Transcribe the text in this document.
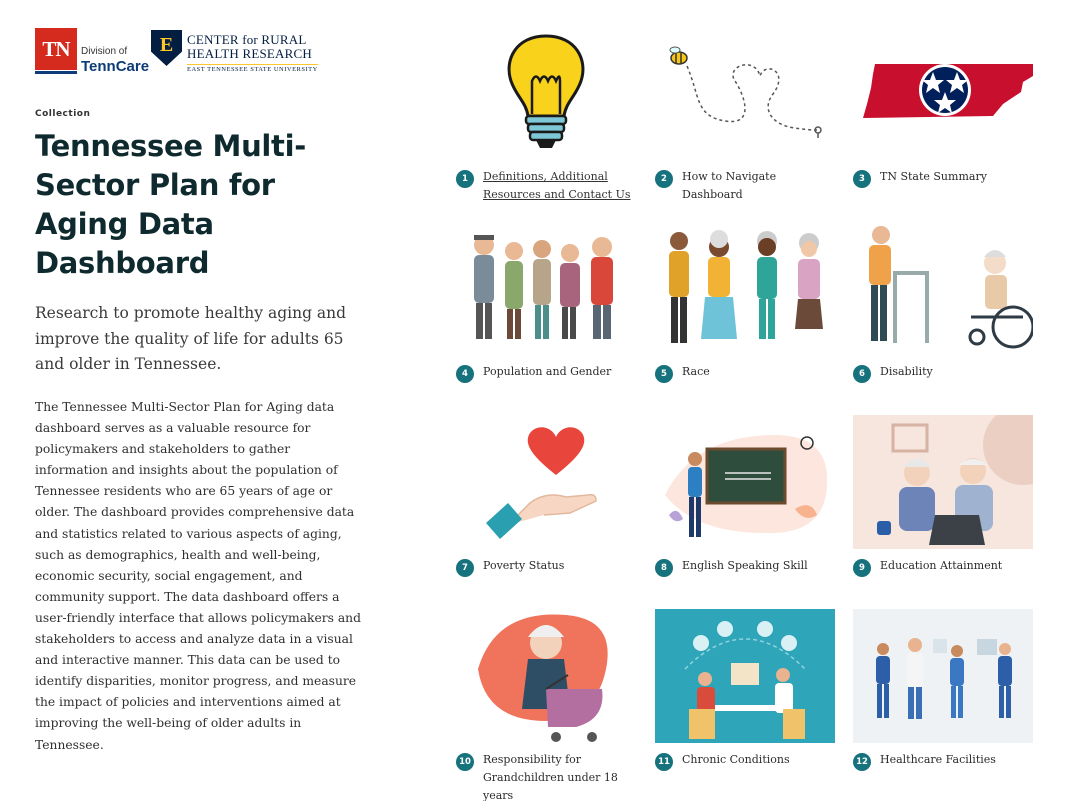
TN Division of
TennCare
E
CENTER for RURAL
HEALTH RESEARCH
EAST TENNESSEE STATE UNIVERSITY
Collection
Tennessee Multi-Sector Plan for Aging Data Dashboard

Research to promote healthy aging and improve the quality of life for adults 65 and older in Tennessee.

The Tennessee Multi-Sector Plan for Aging data dashboard serves as a valuable resource for policymakers and stakeholders to gather information and insights about the population of Tennessee residents who are 65 years of age or older. The dashboard provides comprehensive data and statistics related to various aspects of aging, such as demographics, health and well-being, economic security, social engagement, and community support. The data dashboard offers a user-friendly interface that allows policymakers and stakeholders to access and analyze data in a visual and interactive manner. This data can be used to identify disparities, monitor progress, and measure the impact of policies and interventions aimed at improving the well-being of older adults in Tennessee.

1	Definitions, Additional Resources and Contact Us
2	How to Navigate Dashboard
3	TN State Summary
4	Population and Gender	5	Race	6	Disability
7	Poverty Status	8	English Speaking Skill	9	Education Attainment
10 Responsibility for Grandchildren under 18 years
11 Chronic Conditions	12 Healthcare Facilities
